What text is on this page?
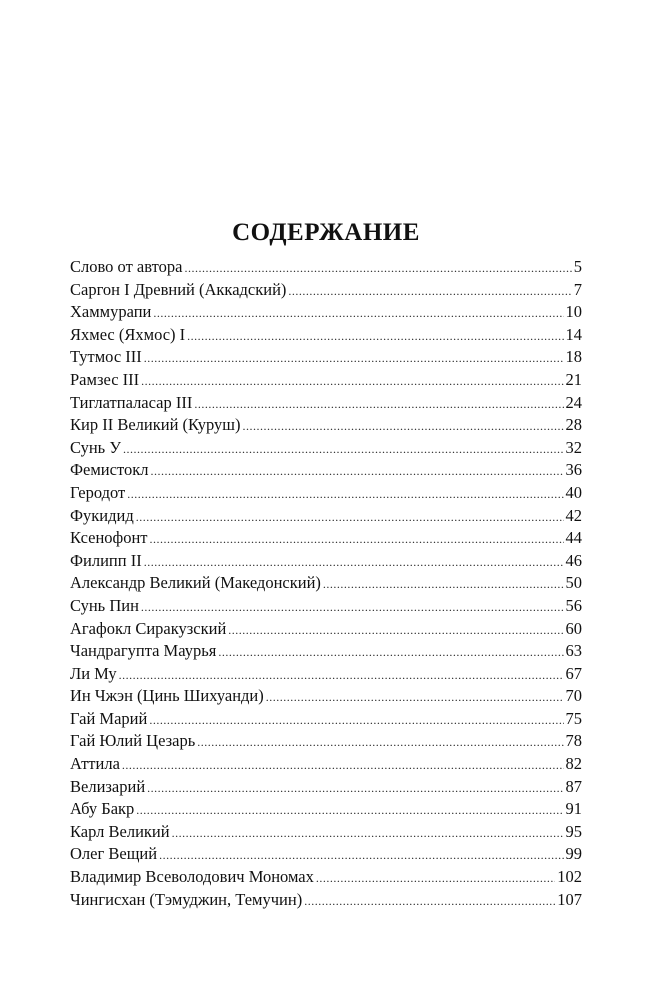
СОДЕРЖАНИЕ
Слово от автора .....	5
Саргон I Древний (Аккадский) .....	7
Хаммурапи .....	10
Яхмес (Яхмос) I .....	14
Тутмос III .....	18
Рамзес III .....	21
Тиглатпаласар III .....	24
Кир II Великий (Куруш) .....	28
Сунь У .....	32
Фемистокл .....	36
Геродот .....	40
Фукидид .....	42
Ксенофонт .....	44
Филипп II .....	46
Александр Великий (Македонский) .....	50
Сунь Пин .....	56
Агафокл Сиракузский .....	60
Чандрагупта Маурья .....	63
Ли Му .....	67
Ин Чжэн (Цинь Шихуанди) .....	70
Гай Марий .....	75
Гай Юлий Цезарь .....	78
Аттила .....	82
Велизарий .....	87
Абу Бакр .....	91
Карл Великий .....	95
Олег Вещий .....	99
Владимир Всеволодович Мономах .....	102
Чингисхан (Тэмуджин, Темучин) .....	107
